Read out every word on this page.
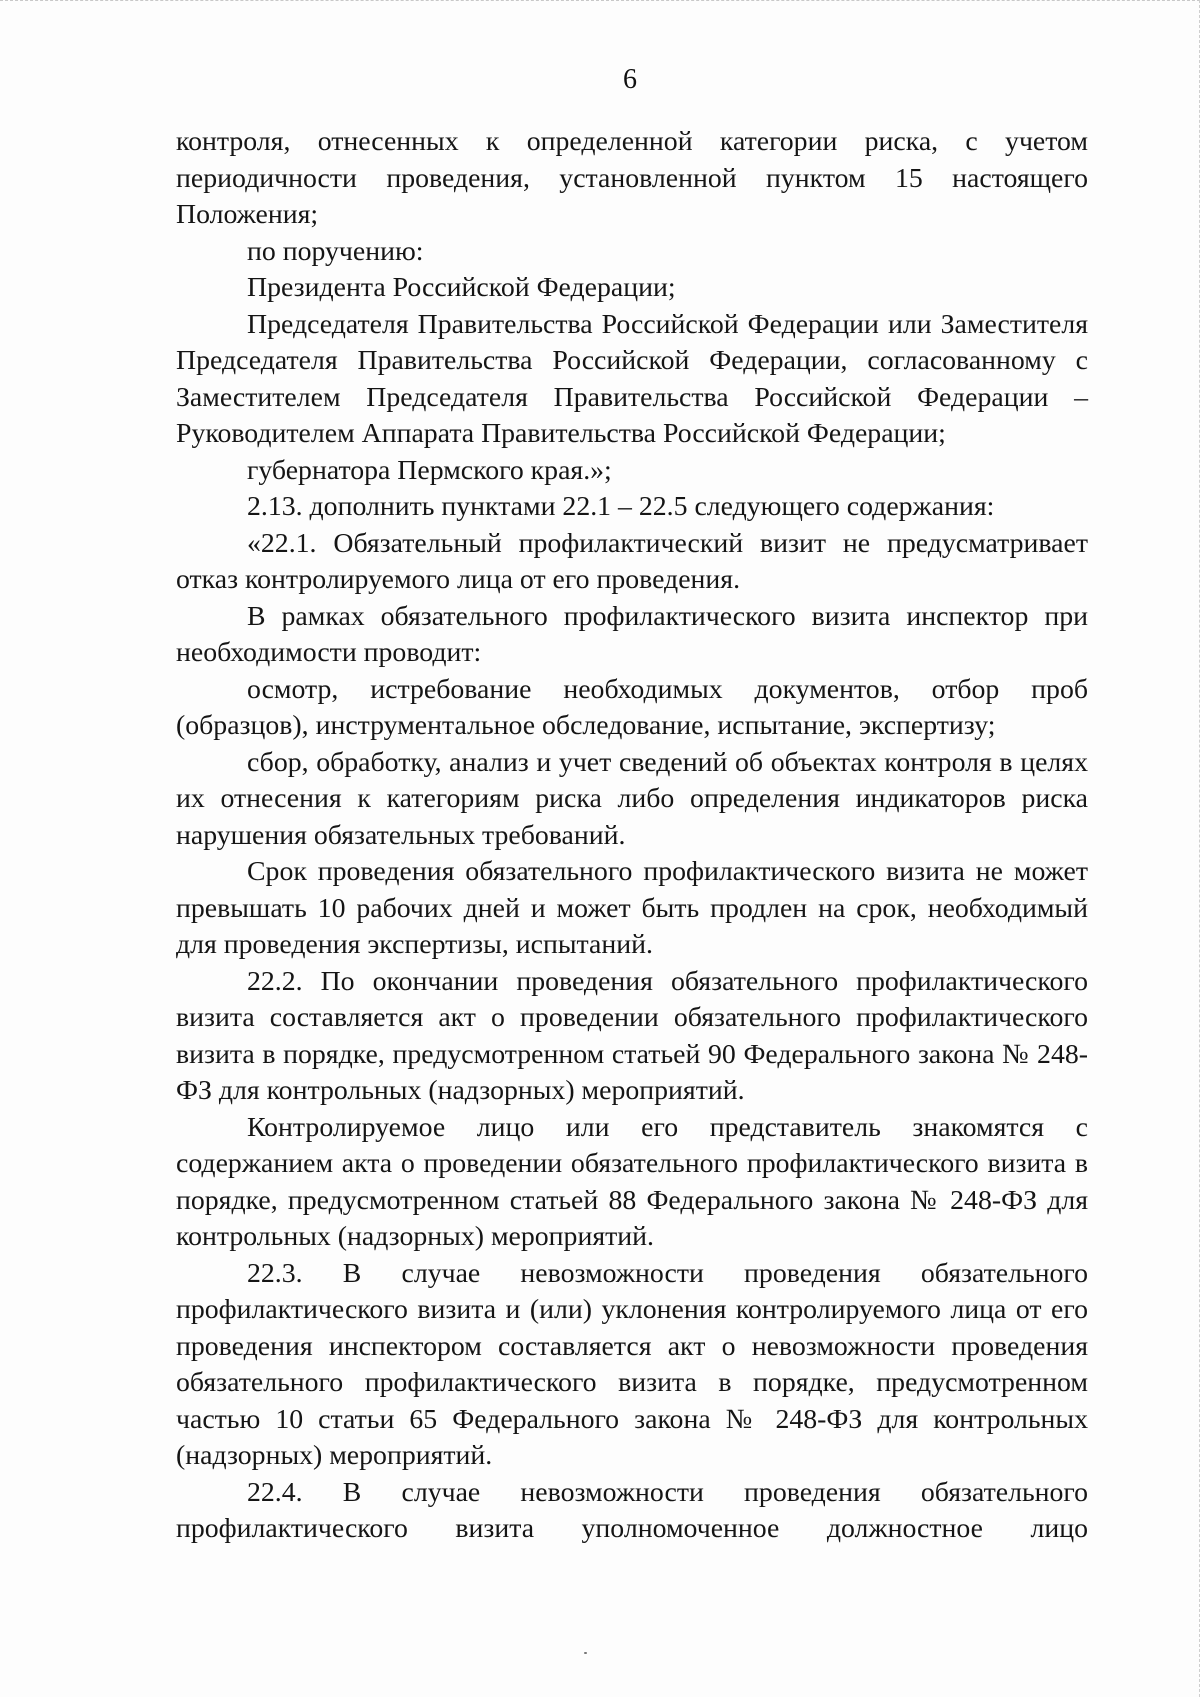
6

контроля, отнесенных к определенной категории риска, с учетом периодичности проведения, установленной пунктом 15 настоящего Положения;

по поручению:

Президента Российской Федерации;

Председателя Правительства Российской Федерации или Заместителя Председателя Правительства Российской Федерации, согласованному с Заместителем Председателя Правительства Российской Федерации – Руководителем Аппарата Правительства Российской Федерации;

губернатора Пермского края.»;

2.13. дополнить пунктами 22.1 – 22.5 следующего содержания:

«22.1. Обязательный профилактический визит не предусматривает отказ контролируемого лица от его проведения.

В рамках обязательного профилактического визита инспектор при необходимости проводит:

осмотр, истребование необходимых документов, отбор проб (образцов), инструментальное обследование, испытание, экспертизу;

сбор, обработку, анализ и учет сведений об объектах контроля в целях их отнесения к категориям риска либо определения индикаторов риска нарушения обязательных требований.

Срок проведения обязательного профилактического визита не может превышать 10 рабочих дней и может быть продлен на срок, необходимый для проведения экспертизы, испытаний.

22.2. По окончании проведения обязательного профилактического визита составляется акт о проведении обязательного профилактического визита в порядке, предусмотренном статьей 90 Федерального закона № 248-ФЗ для контрольных (надзорных) мероприятий.

Контролируемое лицо или его представитель знакомятся с содержанием акта о проведении обязательного профилактического визита в порядке, предусмотренном статьей 88 Федерального закона № 248-ФЗ для контрольных (надзорных) мероприятий.

22.3. В случае невозможности проведения обязательного профилактического визита и (или) уклонения контролируемого лица от его проведения инспектором составляется акт о невозможности проведения обязательного профилактического визита в порядке, предусмотренном частью 10 статьи 65 Федерального закона № 248-ФЗ для контрольных (надзорных) мероприятий.

22.4. В случае невозможности проведения обязательного профилактического визита уполномоченное должностное лицо
